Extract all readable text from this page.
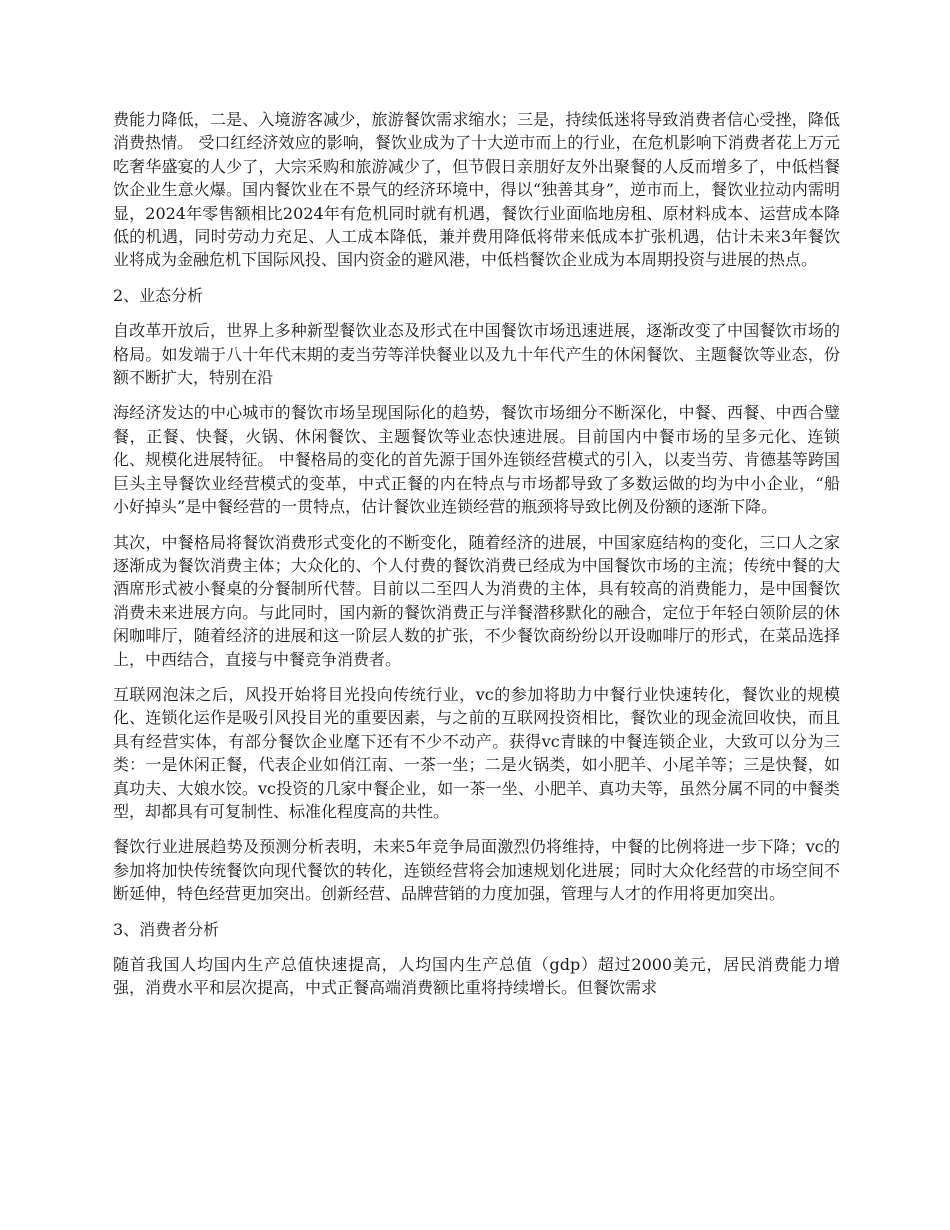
费能力降低，二是、入境游客减少，旅游餐饮需求缩水；三是，持续低迷将导致消费者信心受挫，降低消费热情。 受口红经济效应的影响，餐饮业成为了十大逆市而上的行业，在危机影响下消费者花上万元吃奢华盛宴的人少了，大宗采购和旅游减少了，但节假日亲朋好友外出聚餐的人反而增多了，中低档餐饮企业生意火爆。国内餐饮业在不景气的经济环境中，得以“独善其身”，逆市而上，餐饮业拉动内需明显，2024年零售额相比2024年有危机同时就有机遇，餐饮行业面临地房租、原材料成本、运营成本降低的机遇，同时劳动力充足、人工成本降低，兼并费用降低将带来低成本扩张机遇，估计未来3年餐饮业将成为金融危机下国际风投、国内资金的避风港，中低档餐饮企业成为本周期投资与进展的热点。

2、业态分析

自改革开放后，世界上多种新型餐饮业态及形式在中国餐饮市场迅速进展，逐渐改变了中国餐饮市场的格局。如发端于八十年代末期的麦当劳等洋快餐业以及九十年代产生的休闲餐饮、主题餐饮等业态，份额不断扩大，特别在沿

海经济发达的中心城市的餐饮市场呈现国际化的趋势，餐饮市场细分不断深化，中餐、西餐、中西合璧餐，正餐、快餐，火锅、休闲餐饮、主题餐饮等业态快速进展。目前国内中餐市场的呈多元化、连锁化、规模化进展特征。 中餐格局的变化的首先源于国外连锁经营模式的引入，以麦当劳、肯德基等跨国巨头主导餐饮业经营模式的变革，中式正餐的内在特点与市场都导致了多数运做的均为中小企业，“船小好掉头”是中餐经营的一贯特点，估计餐饮业连锁经营的瓶颈将导致比例及份额的逐渐下降。

其次，中餐格局将餐饮消费形式变化的不断变化，随着经济的进展，中国家庭结构的变化，三口人之家逐渐成为餐饮消费主体；大众化的、个人付费的餐饮消费已经成为中国餐饮市场的主流；传统中餐的大酒席形式被小餐桌的分餐制所代替。目前以二至四人为消费的主体，具有较高的消费能力，是中国餐饮消费未来进展方向。与此同时，国内新的餐饮消费正与洋餐潜移默化的融合，定位于年轻白领阶层的休闲咖啡厅，随着经济的进展和这一阶层人数的扩张，不少餐饮商纷纷以开设咖啡厅的形式，在菜品选择上，中西结合，直接与中餐竞争消费者。

互联网泡沫之后，风投开始将目光投向传统行业，vc的参加将助力中餐行业快速转化，餐饮业的规模化、连锁化运作是吸引风投目光的重要因素，与之前的互联网投资相比，餐饮业的现金流回收快，而且具有经营实体，有部分餐饮企业麾下还有不少不动产。获得vc青睐的中餐连锁企业，大致可以分为三类：一是休闲正餐，代表企业如俏江南、一茶一坐；二是火锅类，如小肥羊、小尾羊等；三是快餐，如真功夫、大娘水饺。vc投资的几家中餐企业，如一茶一坐、小肥羊、真功夫等，虽然分属不同的中餐类型，却都具有可复制性、标准化程度高的共性。

餐饮行业进展趋势及预测分析表明，未来5年竞争局面激烈仍将维持，中餐的比例将进一步下降；vc的参加将加快传统餐饮向现代餐饮的转化，连锁经营将会加速规划化进展；同时大众化经营的市场空间不断延伸，特色经营更加突出。创新经营、品牌营销的力度加强，管理与人才的作用将更加突出。

3、消费者分析

随首我国人均国内生产总值快速提高，人均国内生产总值（gdp）超过2000美元，居民消费能力增强，消费水平和层次提高，中式正餐高端消费额比重将持续增长。但餐饮需求
